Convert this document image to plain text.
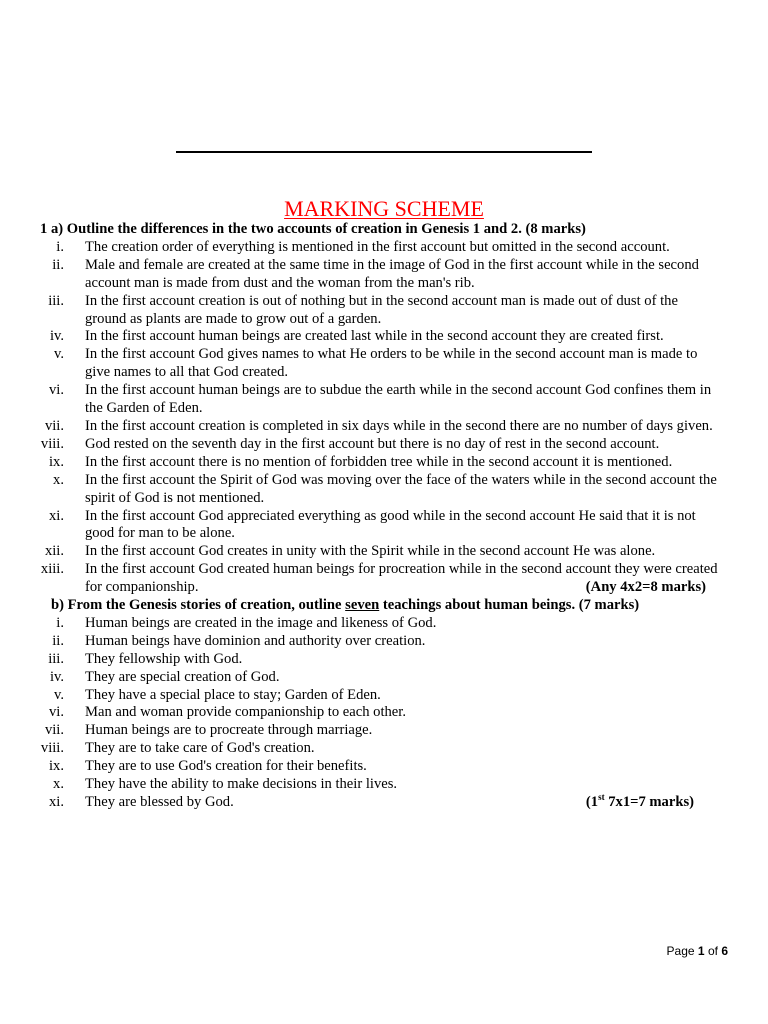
MARKING SCHEME

1 a) Outline the differences in the two accounts of creation in Genesis 1 and 2. (8 marks)

i. The creation order of everything is mentioned in the first account but omitted in the second account.
ii. Male and female are created at the same time in the image of God in the first account while in the second account man is made from dust and the woman from the man's rib.
iii. In the first account creation is out of nothing but in the second account man is made out of dust of the ground as plants are made to grow out of a garden.
iv. In the first account human beings are created last while in the second account they are created first.
v. In the first account God gives names to what He orders to be while in the second account man is made to give names to all that God created.
vi. In the first account human beings are to subdue the earth while in the second account God confines them in the Garden of Eden.
vii. In the first account creation is completed in six days while in the second there are no number of days given.
viii. God rested on the seventh day in the first account but there is no day of rest in the second account.
ix. In the first account there is no mention of forbidden tree while in the second account it is mentioned.
x. In the first account the Spirit of God was moving over the face of the waters while in the second account the spirit of God is not mentioned.
xi. In the first account God appreciated everything as good while in the second account He said that it is not good for man to be alone.
xii. In the first account God creates in unity with the Spirit while in the second account He was alone.
xiii. In the first account God created human beings for procreation while in the second account they were created for companionship.	(Any 4x2=8 marks)

b) From the Genesis stories of creation, outline seven teachings about human beings. (7 marks)

i. Human beings are created in the image and likeness of God.
ii. Human beings have dominion and authority over creation.
iii. They fellowship with God.
iv. They are special creation of God.
v. They have a special place to stay; Garden of Eden.
vi. Man and woman provide companionship to each other.
vii. Human beings are to procreate through marriage.
viii. They are to take care of God's creation.
ix. They are to use God's creation for their benefits.
x. They have the ability to make decisions in their lives.
xi. They are blessed by God.	(1st 7x1=7 marks)
Page 1 of 6
